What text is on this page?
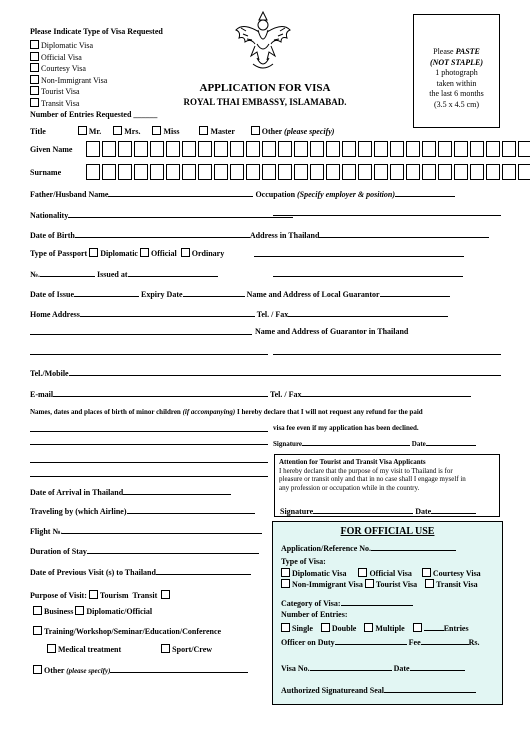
Please Indicate Type of Visa Requested
Diplomatic Visa
Official Visa
Courtesy Visa
Non-Immigrant Visa
Tourist Visa
Transit Visa
APPLICATION FOR VISA
ROYAL THAI EMBASSY, ISLAMABAD.
Please PASTE
(NOT STAPLE)
1 photograph
taken within
the last 6 months
(3.5 x 4.5 cm)
Number of Entries Requested ______
Title	Mr.	Mrs.	Miss	Master	Other (please specify)
Given Name
Surname
Father/Husband Name	Occupation (Specify employer & position)
Nationality
Date of Birth	Address in Thailand
Type of Passport Diplomatic Official Ordinary
№.	Issued at
Date of Issue	Expiry Date	Name and Address of Local Guarantor
Home Address	Tel. / Fax
Name and Address of Guarantor in Thailand
Tel./Mobile
E-mail	Tel. / Fax
Names, dates and places of birth of minor children (if accompanying) I hereby declare that I will not request any refund for the paid
visa fee even if my application has been declined.
Signature	Date
Attention for Tourist and Transit Visa Applicants
I hereby declare that the purpose of my visit to Thailand is for
pleasure or transit only and that in no case shall I engage myself in
any profession or occupation while in the country.
Signature	Date
Date of Arrival in Thailand
Traveling by (which Airline)
Flight №.
Duration of Stay
Date of Previous Visit (s) to Thailand
Purpose of Visit: Tourism Transit
Business Diplomatic/Official
Training/Workshop/Seminar/Education/Conference
Medical treatment	Sport/Crew
Other (please specify)
FOR OFFICIAL USE
Application/Reference No.
Type of Visa:
Diplomatic Visa	Official Visa	Courtesy Visa
Non-Immigrant Visa Tourist Visa Transit Visa
Category of Visa:
Number of Entries:
Single Double Multiple	Entries
Officer on Duty	Fee	Rs.
Visa No.	Date
Authorized Signatureand Seal
